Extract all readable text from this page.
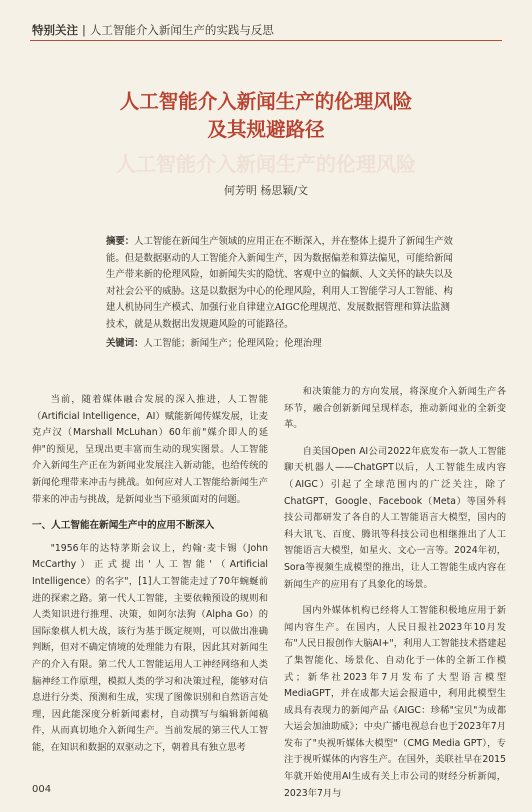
特别关注 | 人工智能介入新闻生产的实践与反思
人工智能介入新闻生产的伦理风险
及其规避路径
人工智能介入新闻生产的伦理风险
何芳明 杨思颖/文

摘要：人工智能在新闻生产领域的应用正在不断深入，并在整体上提升了新闻生产效能。但是数据驱动的人工智能介入新闻生产，因为数据偏差和算法偏见，可能给新闻生产带来新的伦理风险，如新闻失实的隐忧、客观中立的偏颇、人文关怀的缺失以及对社会公平的威胁。这是以数据为中心的伦理风险，利用人工智能学习人工智能、构建人机协同生产模式、加强行业自律建立AIGC伦理规范、发展数据管理和算法监测技术，就是从数据出发规避风险的可能路径。

关键词：人工智能；新闻生产；伦理风险；伦理治理

当前，随着媒体融合发展的深入推进，人工智能（Artificial Intelligence，AI）赋能新闻传媒发展，让麦克卢汉（Marshall McLuhan）60年前"媒介即人的延伸"的预见，呈现出更丰富而生动的现实图景。人工智能介入新闻生产正在为新闻业发展注入新动能，也给传统的新闻伦理带来冲击与挑战。如何应对人工智能给新闻生产带来的冲击与挑战，是新闻业当下亟须面对的问题。

一、人工智能在新闻生产中的应用不断深入

"1956年的达特茅斯会议上，约翰·麦卡锡（John McCarthy）正式提出'人工智能'（Artificial Intelligence）的名字"，[1]人工智能走过了70年蜿蜒前进的探索之路。第一代人工智能，主要依赖预设的规则和人类知识进行推理、决策，如阿尔法狗（Alpha Go）的国际象棋人机大战，该行为基于既定规则，可以做出准确判断，但对不确定情境的处理能力有限，因此其对新闻生产的介入有限。第二代人工智能运用人工神经网络和人类脑神经工作原理，模拟人类的学习和决策过程，能够对信息进行分类、预测和生成，实现了图像识别和自然语言处理，因此能深度分析新闻素材，自动撰写与编辑新闻稿件，从而真切地介入新闻生产。当前发展的第三代人工智能，在知识和数据的双驱动之下，朝着具有独立思考

和决策能力的方向发展，将深度介入新闻生产各环节，融合创新新闻呈现样态，推动新闻业的全新变革。

自美国Open AI公司2022年底发布一款人工智能聊天机器人——ChatGPT以后，人工智能生成内容（AIGC）引起了全球范围内的广泛关注，除了ChatGPT，Google、Facebook（Meta）等国外科技公司都研发了各自的人工智能语言大模型，国内的科大讯飞、百度、腾讯等科技公司也相继推出了人工智能语言大模型，如星火、文心一言等。2024年初，Sora等视频生成模型的推出，让人工智能生成内容在新闻生产的应用有了具象化的场景。

国内外媒体机构已经将人工智能积极地应用于新闻内容生产。在国内，人民日报社2023年10月发布"人民日报创作大脑AI+"，利用人工智能技术搭建起了集智能化、场景化、自动化于一体的全新工作模式；新华社2023年7月发布了大型语言模型MediaGPT，并在成都大运会报道中，利用此模型生成具有表现力的新闻产品《AIGC：珍稀"宝贝"为成都大运会加油助威》；中央广播电视总台也于2023年7月发布了"央视听媒体大模型"（CMG Media GPT），专注于视听媒体的内容生产。在国外，美联社早在2015年就开始使用AI生成有关上市公司的财经分析新闻，2023年7月与

004
